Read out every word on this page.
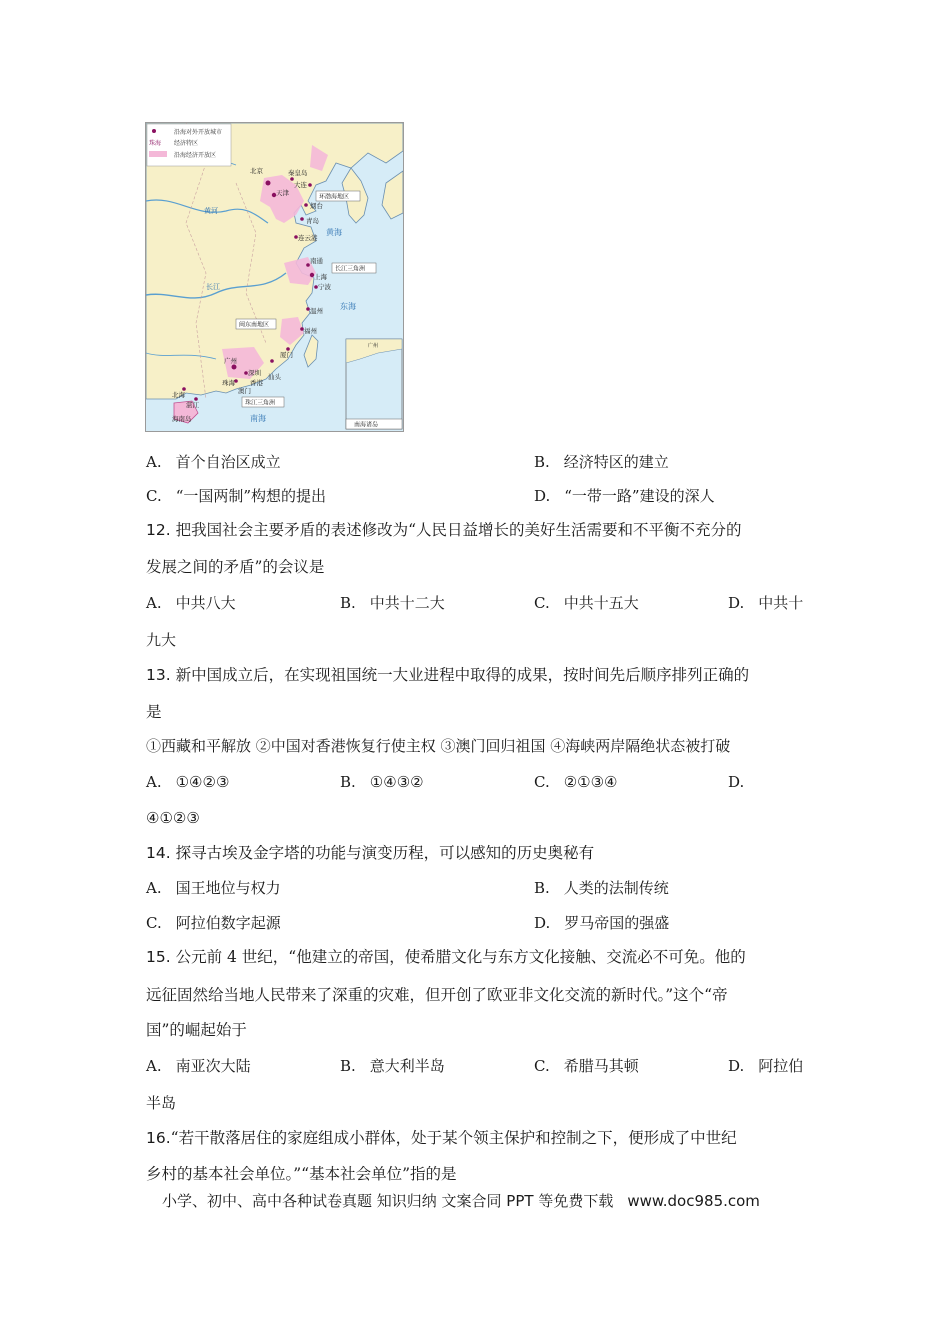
沿海对外开放城市
珠海 经济特区
沿海经济开放区
北京
天津
秦皇岛
大连
烟台
青岛
连云港
南通
上海
宁波
温州
福州
厦门
汕头
广州
深圳
珠海 香港
澳门
北海
湛江
海南岛
环渤海地区
长江三角洲
闽东南地区
珠江三角洲
黄海
东海
南海
黄河
长江
广州
南海诸岛
A. 首个自治区成立	B. 经济特区的建立
C. “一国两制”构想的提出	D. “一带一路”建设的深人
12. 把我国社会主要矛盾的表述修改为“人民日益增长的美好生活需要和不平衡不充分的
发展之间的矛盾”的会议是
A. 中共八大	B. 中共十二大	C. 中共十五大	D. 中共十
九大
13. 新中国成立后，在实现祖国统一大业进程中取得的成果，按时间先后顺序排列正确的
是
①西藏和平解放 ②中国对香港恢复行使主权 ③澳门回归祖国 ④海峡两岸隔绝状态被打破
A. ①④②③	B. ①④③②	C. ②①③④	D.
④①②③
14. 探寻古埃及金字塔的功能与演变历程，可以感知的历史奥秘有
A. 国王地位与权力	B. 人类的法制传统
C. 阿拉伯数字起源	D. 罗马帝国的强盛
15. 公元前 4 世纪，“他建立的帝国，使希腊文化与东方文化接触、交流必不可免。他的
远征固然给当地人民带来了深重的灾难，但开创了欧亚非文化交流的新时代。”这个“帝
国”的崛起始于
A. 南亚次大陆	B. 意大利半岛	C. 希腊马其顿	D. 阿拉伯
半岛
16.“若干散落居住的家庭组成小群体，处于某个领主保护和控制之下，便形成了中世纪
乡村的基本社会单位。”“基本社会单位”指的是
小学、初中、高中各种试卷真题 知识归纳 文案合同 PPT 等免费下载 www.doc985.com
